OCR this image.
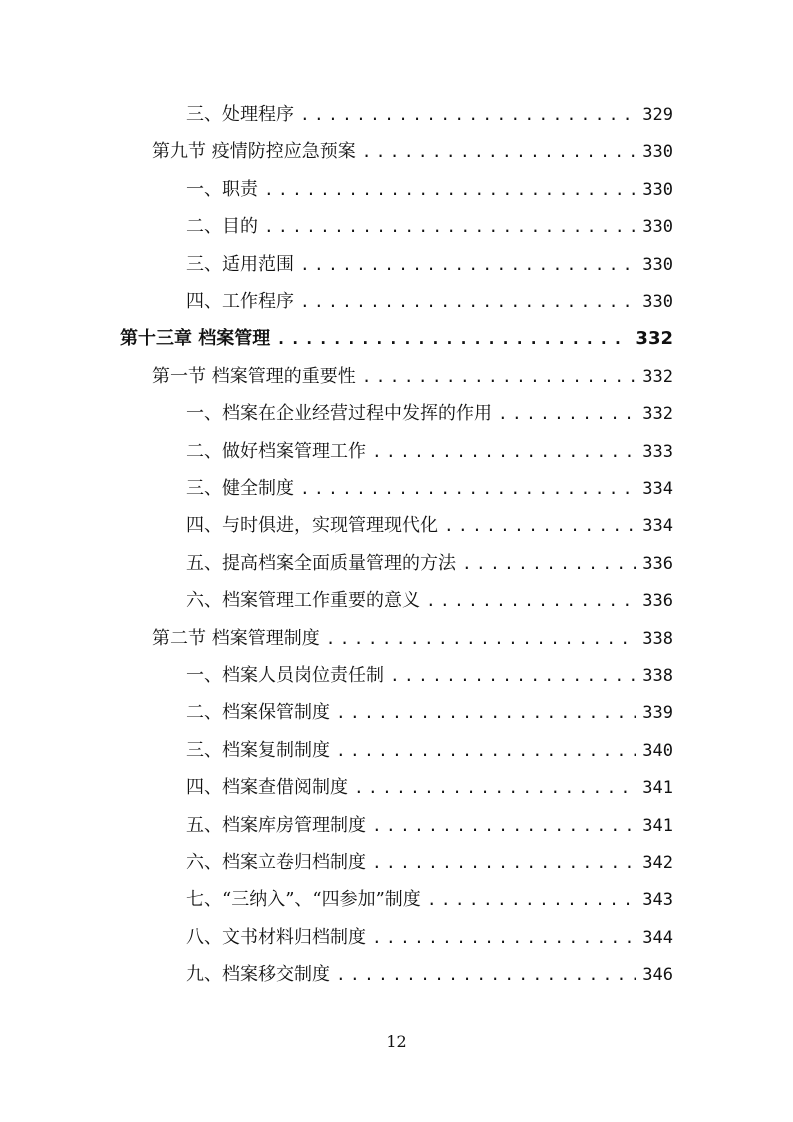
三、处理程序 .....	329
第九节 疫情防控应急预案 .....	330
一、职责 .....	330
二、目的 .....	330
三、适用范围 .....	330
四、工作程序 .....	330
第十三章 档案管理 .....	332
第一节 档案管理的重要性 .....	332
一、档案在企业经营过程中发挥的作用 .....	332
二、做好档案管理工作 .....	333
三、健全制度 .....	334
四、与时俱进，实现管理现代化 .....	334
五、提高档案全面质量管理的方法 .....	336
六、档案管理工作重要的意义 .....	336
第二节 档案管理制度 .....	338
一、档案人员岗位责任制 .....	338
二、档案保管制度 .....	339
三、档案复制制度 .....	340
四、档案查借阅制度 .....	341
五、档案库房管理制度 .....	341
六、档案立卷归档制度 .....	342
七、“三纳入”、“四参加”制度 .....	343
八、文书材料归档制度 .....	344
九、档案移交制度 .....	346
12
